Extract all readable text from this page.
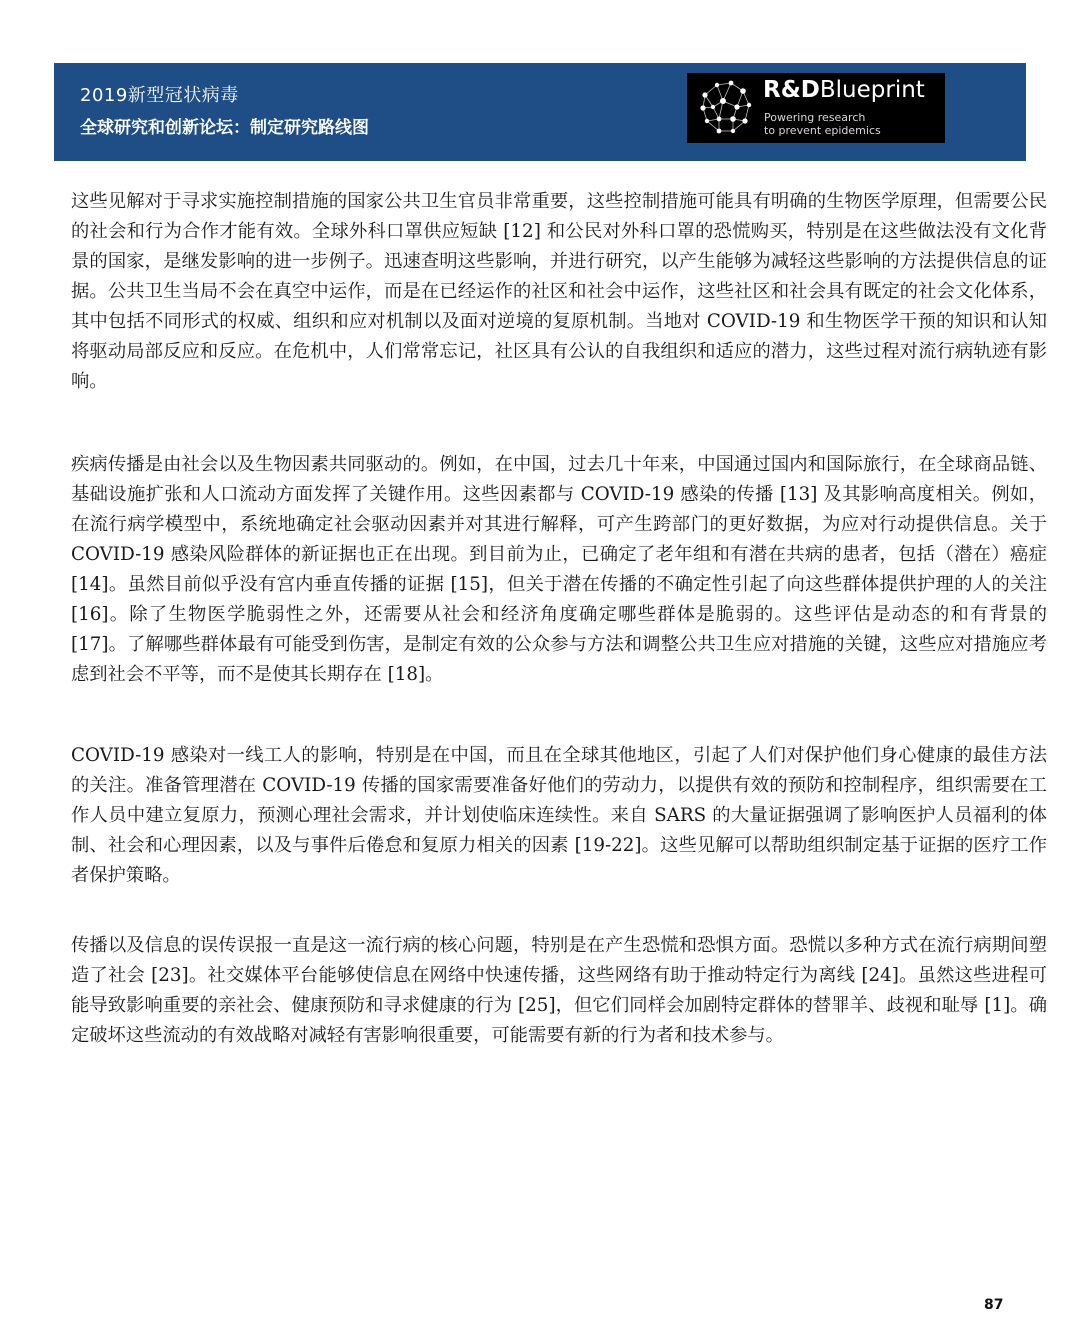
2019新型冠状病毒
全球研究和创新论坛：制定研究路线图
R&DBlueprint
Powering research
to prevent epidemics

这些见解对于寻求实施控制措施的国家公共卫生官员非常重要，这些控制措施可能具有明确的生物医学原理，但需要公民的社会和行为合作才能有效。全球外科口罩供应短缺 [12] 和公民对外科口罩的恐慌购买，特别是在这些做法没有文化背景的国家，是继发影响的进一步例子。迅速查明这些影响，并进行研究，以产生能够为减轻这些影响的方法提供信息的证据。公共卫生当局不会在真空中运作，而是在已经运作的社区和社会中运作，这些社区和社会具有既定的社会文化体系，其中包括不同形式的权威、组织和应对机制以及面对逆境的复原机制。当地对 COVID-19 和生物医学干预的知识和认知将驱动局部反应和反应。在危机中，人们常常忘记，社区具有公认的自我组织和适应的潜力，这些过程对流行病轨迹有影响。

疾病传播是由社会以及生物因素共同驱动的。例如，在中国，过去几十年来，中国通过国内和国际旅行，在全球商品链、基础设施扩张和人口流动方面发挥了关键作用。这些因素都与 COVID-19 感染的传播 [13] 及其影响高度相关。例如，在流行病学模型中，系统地确定社会驱动因素并对其进行解释，可产生跨部门的更好数据，为应对行动提供信息。关于 COVID-19 感染风险群体的新证据也正在出现。到目前为止，已确定了老年组和有潜在共病的患者，包括（潜在）癌症 [14]。虽然目前似乎没有宫内垂直传播的证据 [15]，但关于潜在传播的不确定性引起了向这些群体提供护理的人的关注 [16]。除了生物医学脆弱性之外，还需要从社会和经济角度确定哪些群体是脆弱的。这些评估是动态的和有背景的 [17]。了解哪些群体最有可能受到伤害，是制定有效的公众参与方法和调整公共卫生应对措施的关键，这些应对措施应考虑到社会不平等，而不是使其长期存在 [18]。

COVID-19 感染对一线工人的影响，特别是在中国，而且在全球其他地区，引起了人们对保护他们身心健康的最佳方法的关注。准备管理潜在 COVID-19 传播的国家需要准备好他们的劳动力，以提供有效的预防和控制程序，组织需要在工作人员中建立复原力，预测心理社会需求，并计划使临床连续性。来自 SARS 的大量证据强调了影响医护人员福利的体制、社会和心理因素，以及与事件后倦怠和复原力相关的因素 [19-22]。这些见解可以帮助组织制定基于证据的医疗工作者保护策略。

传播以及信息的误传误报一直是这一流行病的核心问题，特别是在产生恐慌和恐惧方面。恐慌以多种方式在流行病期间塑造了社会 [23]。社交媒体平台能够使信息在网络中快速传播，这些网络有助于推动特定行为离线 [24]。虽然这些进程可能导致影响重要的亲社会、健康预防和寻求健康的行为 [25]，但它们同样会加剧特定群体的替罪羊、歧视和耻辱 [1]。确定破坏这些流动的有效战略对减轻有害影响很重要，可能需要有新的行为者和技术参与。

87
